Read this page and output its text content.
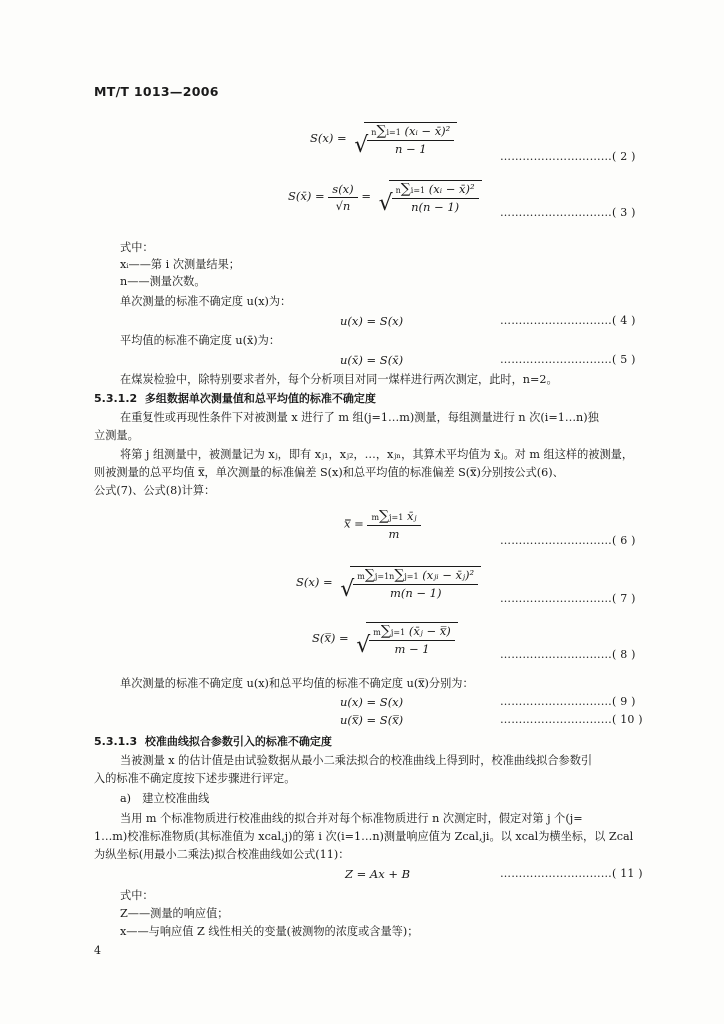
MT/T 1013—2006
S(x) =	√ $\frac{\text{n∑i=1 (xᵢ − x̄)²}}{n - 1}$
…………………………( 2 )
S(x̄) = $\frac{s(x)}{√n}$ =	√ $\frac{\text{n∑i=1 (xᵢ − x̄)²}}{n(n - 1)}$ …………………………( 3 )
式中：
xᵢ——第 i 次测量结果；
n——测量次数。
单次测量的标准不确定度 u(x)为：
u(x) = S(x)	…………………………( 4 )
平均值的标准不确定度 u(x̄)为：
u(x̄) = S(x̄)	…………………………( 5 )
在煤炭检验中，除特别要求者外，每个分析项目对同一煤样进行两次测定，此时，n=2。
5.3.1.2 多组数据单次测量值和总平均值的标准不确定度
在重复性或再现性条件下对被测量 x 进行了 m 组(j=1…m)测量，每组测量进行 n 次(i=1…n)独
立测量。
将第 j 组测量中，被测量记为 xⱼ，即有 xⱼ₁，xⱼ₂，…，xⱼₙ，其算术平均值为 x̄ⱼ。对 m 组这样的被测量，
则被测量的总平均值 x̿，单次测量的标准偏差 S(x)和总平均值的标准偏差 S(x̿)分别按公式(6)、
公式(7)、公式(8)计算：
x̿ = $\frac{\text{m∑j=1 x̄ⱼ}}{m}$	…………………………( 6 )
S(x) =	√ $\frac{\text{m∑j=1n∑j=1 (xⱼᵢ − x̄ⱼ)²}}{m(n - 1)}$ …………………………( 7 )
S(x̿) =	√ $\frac{\text{m∑j=1 (x̄ⱼ − x̿)}}{m - 1}$	…………………………( 8 )
单次测量的标准不确定度 u(x)和总平均值的标准不确定度 u(x̿)分别为：
u(x) = S(x)	…………………………( 9 )
u(x̿) = S(x̿)	…………………………( 10 )
5.3.1.3 校准曲线拟合参数引入的标准不确定度
当被测量 x 的估计值是由试验数据从最小二乘法拟合的校准曲线上得到时，校准曲线拟合参数引
入的标准不确定度按下述步骤进行评定。
a)　建立校准曲线
当用 m 个标准物质进行校准曲线的拟合并对每个标准物质进行 n 次测定时，假定对第 j 个(j=
1…m)校准标准物质(其标准值为 xcal,j)的第 i 次(i=1…n)测量响应值为 Zcal,ji。以 xcal为横坐标，以 Zcal
为纵坐标(用最小二乘法)拟合校准曲线如公式(11)：
Z = Ax + B	…………………………( 11 )
式中：
Z——测量的响应值；
x——与响应值 Z 线性相关的变量(被测物的浓度或含量等)；
4
